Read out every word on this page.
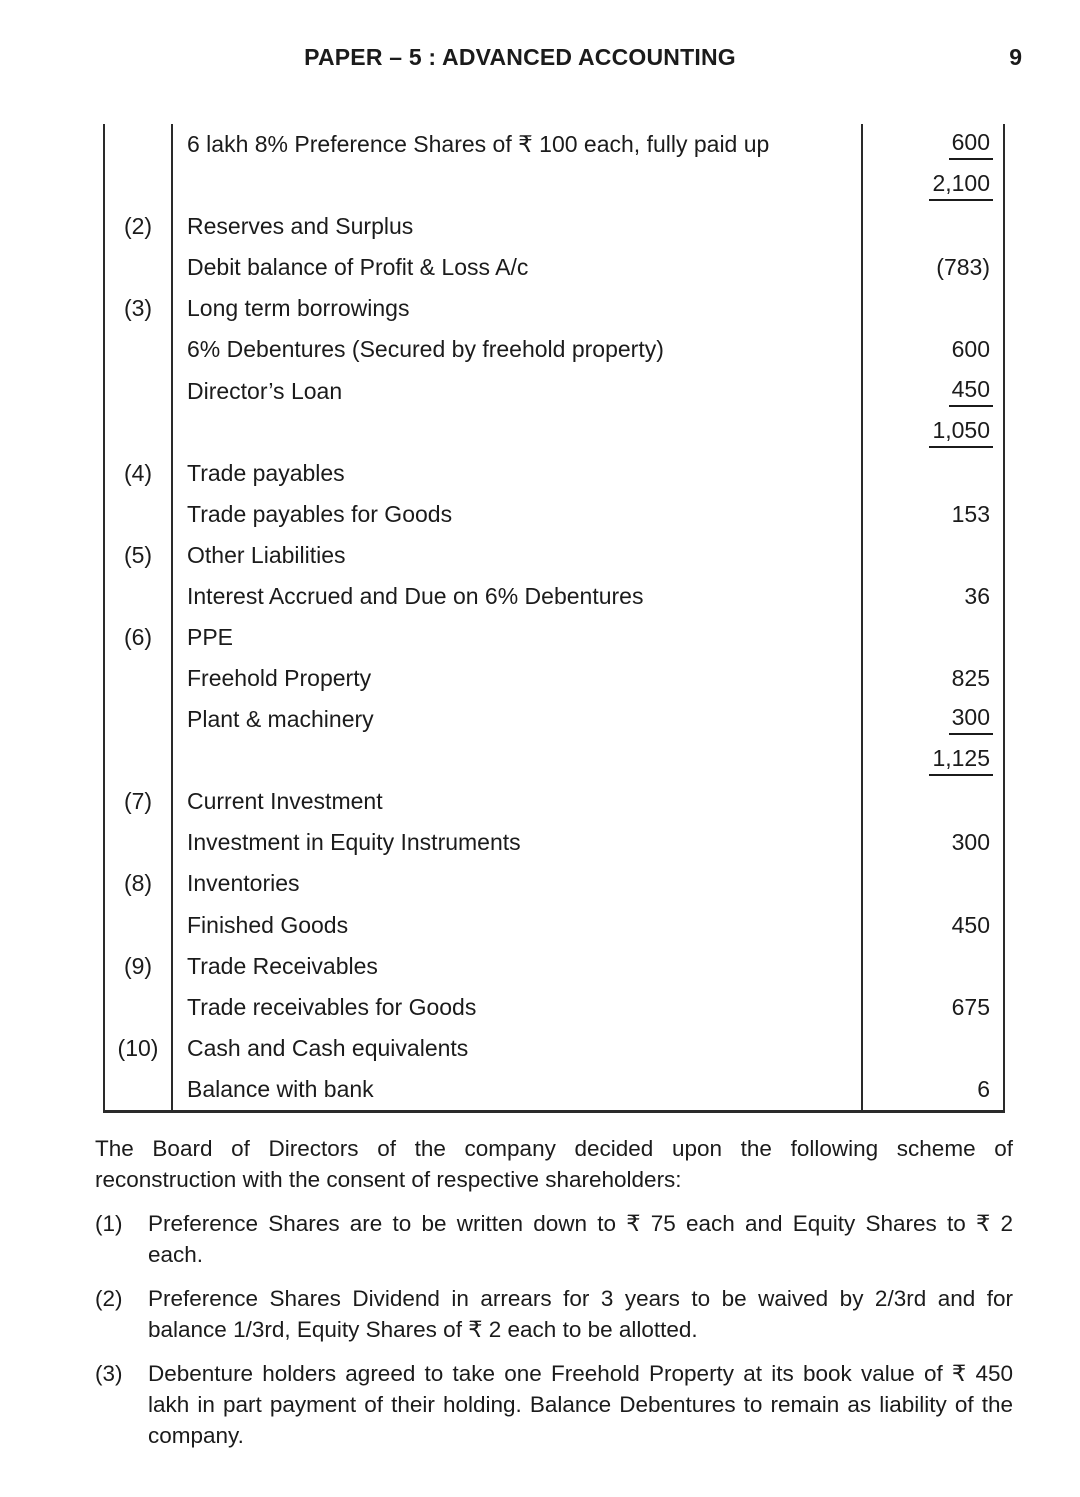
PAPER – 5 : ADVANCED ACCOUNTING	9
6 lakh 8% Preference Shares of ₹ 100 each, fully paid up	600
2,100
(2)	Reserves and Surplus
Debit balance of Profit & Loss A/c	(783)
(3)	Long term borrowings
6% Debentures (Secured by freehold property)	600
Director’s Loan	450
1,050
(4)	Trade payables
Trade payables for Goods	153
(5)	Other Liabilities
Interest Accrued and Due on 6% Debentures	36
(6)	PPE
Freehold Property	825
Plant & machinery	300
1,125
(7)	Current Investment
Investment in Equity Instruments	300
(8)	Inventories
Finished Goods	450
(9)	Trade Receivables
Trade receivables for Goods	675
(10)	Cash and Cash equivalents
Balance with bank	6
The Board of Directors of the company decided upon the following scheme of
reconstruction with the consent of respective shareholders:
(1)	Preference Shares are to be written down to ₹ 75 each and Equity Shares to ₹ 2
each.
(2)	Preference Shares Dividend in arrears for 3 years to be waived by 2/3rd and for
balance 1/3rd, Equity Shares of ₹ 2 each to be allotted.
(3)	Debenture holders agreed to take one Freehold Property at its book value of ₹ 450
lakh in part payment of their holding. Balance Debentures to remain as liability of the
company.
